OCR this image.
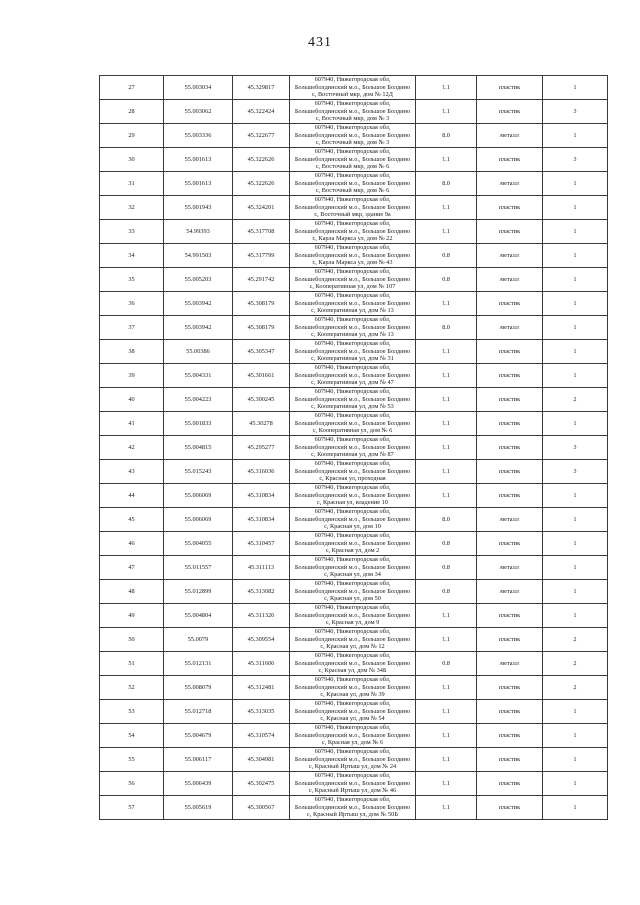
431
27	55.003034	45.329817	607940, Нижегородская обл,
Большеболдинский м.о., Большое Болдино
с, Восточный мкр, дом № 12Д	1.1	пластик	1
28	55.003062	45.322424	607940, Нижегородская обл,
Большеболдинский м.о., Большое Болдино
с, Восточный мкр, дом № 3	1.1	пластик	3
29	55.003336	45.322677	607940, Нижегородская обл,
Большеболдинский м.о., Большое Болдино
с, Восточный мкр, дом № 3	8.0	металл	1
30	55.001613	45.322626	607940, Нижегородская обл,
Большеболдинский м.о., Большое Болдино
с, Восточный мкр, дом № 6	1.1	пластик	3
31	55.001613	45.322626	607940, Нижегородская обл,
Большеболдинский м.о., Большое Болдино
с, Восточный мкр, дом № 6	8.0	металл	1
32	55.001943	45.324201	607940, Нижегородская обл,
Большеболдинский м.о., Большое Болдино
с, Восточный мкр, здание 9а	1.1	пластик	1
33	54.99393	45.317708	607940, Нижегородская обл,
Большеболдинский м.о., Большое Болдино
с, Карла Маркса ул, дом № 22	1.1	пластик	1
34	54.991503	45.317799	607940, Нижегородская обл,
Большеболдинский м.о., Большое Болдино
с, Карла Маркса ул, дом № 43	0.8	металл	1
35	55.005203	45.291742	607940, Нижегородская обл,
Большеболдинский м.о., Большое Болдино
с, Кооперативная ул, дом № 107	0.8	металл	1
36	55.003942	45.308179	607940, Нижегородская обл,
Большеболдинский м.о., Большое Болдино
с, Кооперативная ул, дом № 13	1.1	пластик	1
37	55.003942	45.308179	607940, Нижегородская обл,
Большеболдинский м.о., Большое Болдино
с, Кооперативная ул, дом № 13	8.0	металл	1
38	55.00386	45.305347	607940, Нижегородская обл,
Большеболдинский м.о., Большое Болдино
с, Кооперативная ул, дом № 31	1.1	пластик	1
39	55.004331	45.301661	607940, Нижегородская обл,
Большеболдинский м.о., Большое Болдино
с, Кооперативная ул, дом № 47	1.1	пластик	1
40	55.004223	45.300245	607940, Нижегородская обл,
Большеболдинский м.о., Большое Болдино
с, Кооперативная ул, дом № 53	1.1	пластик	2
41	55.001833	45.30278	607940, Нижегородская обл,
Большеболдинский м.о., Большое Болдино
с, Кооперативная ул, дом № 6	1.1	пластик	1
42	55.004815	45.295277	607940, Нижегородская обл,
Большеболдинский м.о., Большое Болдино
с, Кооперативная ул, дом № 87	1.1	пластик	3
43	55.015243	45.316036	607940, Нижегородская обл,
Большеболдинский м.о., Большое Болдино
с, Красная ул, проходная	1.1	пластик	3
44	55.006069	45.310834	607940, Нижегородская обл,
Большеболдинский м.о., Большое Болдино
с, Красная ул, владение 10	1.1	пластик	1
45	55.006069	45.310834	607940, Нижегородская обл,
Большеболдинский м.о., Большое Болдино
с, Красная ул, дом 10	8.0	металл	1
46	55.004055	45.310457	607940, Нижегородская обл,
Большеболдинский м.о., Большое Болдино
с, Красная ул, дом 2	0.8	пластик	1
47	55.011557	45.311113	607940, Нижегородская обл,
Большеболдинский м.о., Большое Болдино
с, Красная ул, дом 34	0.8	металл	1
48	55.012899	45.313082	607940, Нижегородская обл,
Большеболдинский м.о., Большое Болдино
с, Красная ул, дом 50	0.8	металл	1
49	55.004804	45.311326	607940, Нижегородская обл,
Большеболдинский м.о., Большое Болдино
с, Красная ул, дом 9	1.1	пластик	1
50	55.0079	45.309554	607940, Нижегородская обл,
Большеболдинский м.о., Большое Болдино
с, Красная ул, дом № 12	1.1	пластик	2
51	55.012131	45.311606	607940, Нижегородская обл,
Большеболдинский м.о., Большое Болдино
с, Красная ул, дом № 34Б	0.8	металл	2
52	55.008079	45.312481	607940, Нижегородская обл,
Большеболдинский м.о., Большое Болдино
с, Красная ул, дом № 39	1.1	пластик	2
53	55.012718	45.313035	607940, Нижегородская обл,
Большеболдинский м.о., Большое Болдино
с, Красная ул, дом № 54	1.1	пластик	1
54	55.004679	45.310574	607940, Нижегородская обл,
Большеболдинский м.о., Большое Болдино
с, Красная ул, дом № 6	1.1	пластик	1
55	55.006117	45.304981	607940, Нижегородская обл,
Большеболдинский м.о., Большое Болдино
с, Красный Иртыш ул, дом № 24	1.1	пластик	1
56	55.006439	45.302475	607940, Нижегородская обл,
Большеболдинский м.о., Большое Болдино
с, Красный Иртыш ул, дом № 46	1.1	пластик	1
57	55.005619	45.300567	607940, Нижегородская обл,
Большеболдинский м.о., Большое Болдино
с, Красный Иртыш ул, дом № 50Б	1.1	пластик	1
